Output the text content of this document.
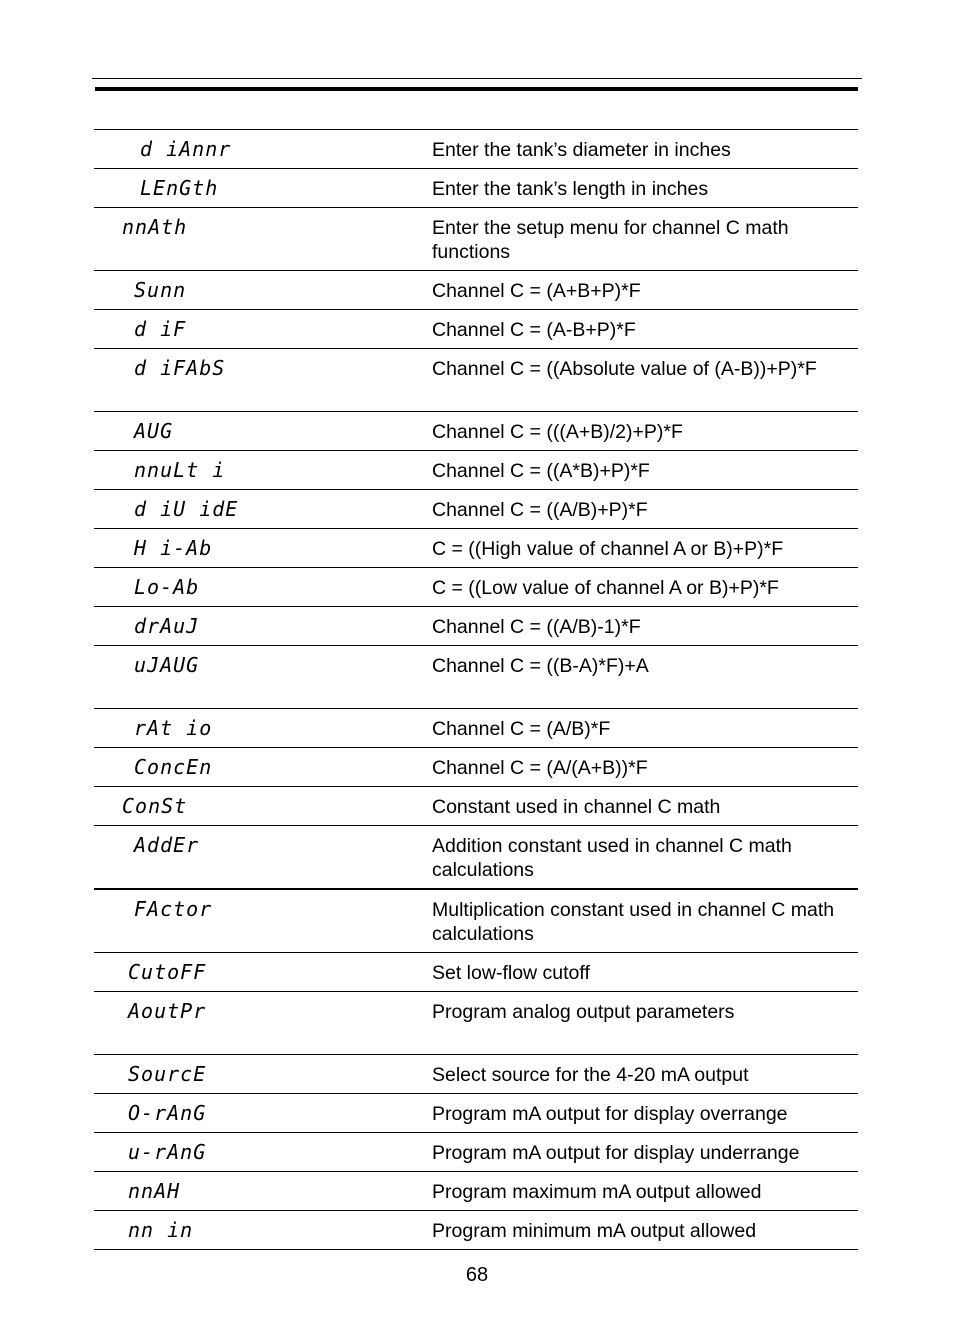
d iAnnr	Enter the tank’s diameter in inches
LEnGth	Enter the tank’s length in inches
nnAth	Enter the setup menu for channel C math functions
Sunn	Channel C = (A+B+P)*F
d iF	Channel C = (A-B+P)*F
d iFAbS	Channel C = ((Absolute value of (A-B))+P)*F
AUG	Channel C = (((A+B)/2)+P)*F
nnuLt i	Channel C = ((A*B)+P)*F
d iU idE	Channel C = ((A/B)+P)*F
H i-Ab	C = ((High value of channel A or B)+P)*F
Lo-Ab	C = ((Low value of channel A or B)+P)*F
drAuJ	Channel C = ((A/B)-1)*F
uJAUG	Channel C = ((B-A)*F)+A
rAt io	Channel C = (A/B)*F
ConcEn	Channel C = (A/(A+B))*F
ConSt	Constant used in channel C math
AddEr	Addition constant used in channel C math calculations
FActor	Multiplication constant used in channel C math calculations
CutoFF	Set low-flow cutoff
AoutPr	Program analog output parameters
SourcE	Select source for the 4-20 mA output
O-rAnG	Program mA output for display overrange
u-rAnG	Program mA output for display underrange
nnAH	Program maximum mA output allowed
nn in	Program minimum mA output allowed
68
